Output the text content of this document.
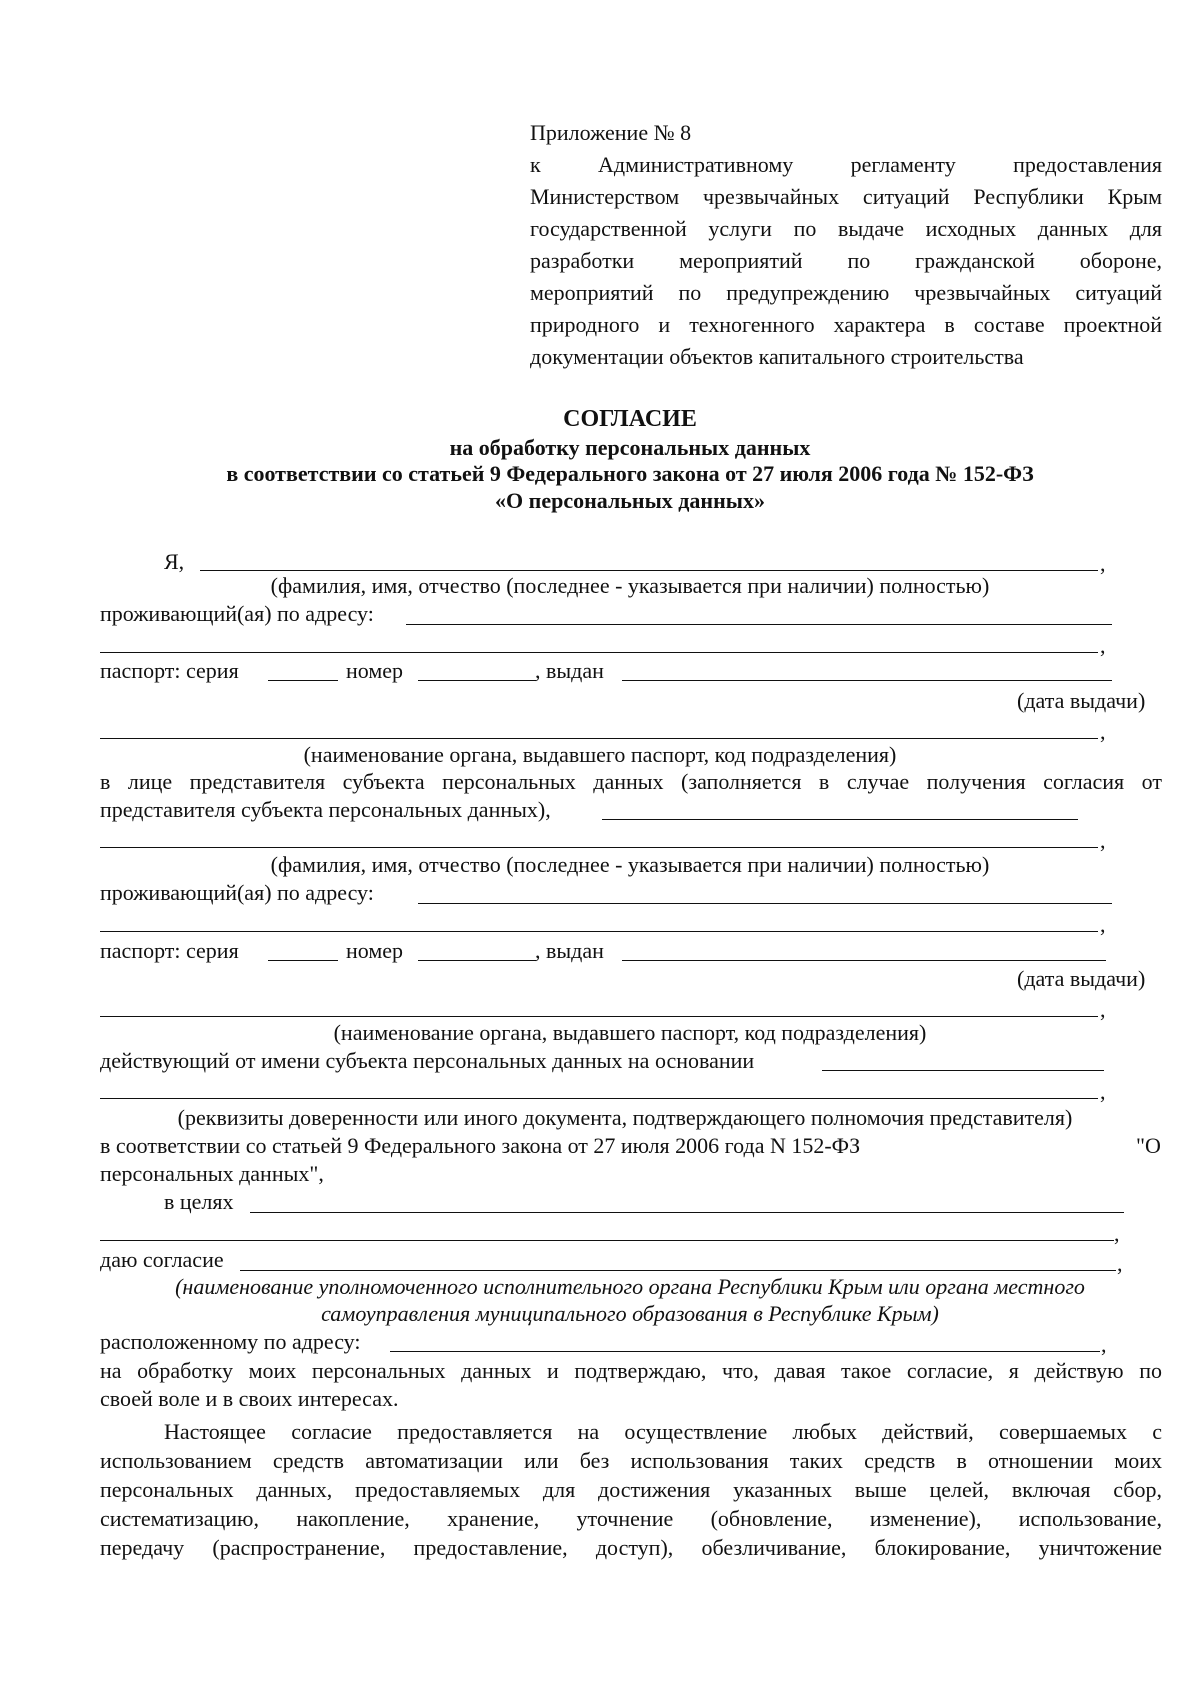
Приложение № 8
к Административному регламенту предоставления
Министерством чрезвычайных ситуаций Республики Крым
государственной услуги по выдаче исходных данных для
разработки мероприятий по гражданской обороне,
мероприятий по предупреждению чрезвычайных ситуаций
природного и техногенного характера в составе проектной
документации объектов капитального строительства
СОГЛАСИЕ
на обработку персональных данных
в соответствии со статьей 9 Федерального закона от 27 июля 2006 года № 152-ФЗ
«О персональных данных»
Я,	,
(фамилия, имя, отчество (последнее - указывается при наличии) полностью)
проживающий(ая) по адресу:
,
паспорт: серия	номер	, выдан
(дата выдачи)
,
(наименование органа, выдавшего паспорт, код подразделения)
в лице представителя субъекта персональных данных (заполняется в случае получения согласия от
представителя субъекта персональных данных),
,
(фамилия, имя, отчество (последнее - указывается при наличии) полностью)
проживающий(ая) по адресу:
,
паспорт: серия	номер	, выдан
(дата выдачи)
,
(наименование органа, выдавшего паспорт, код подразделения)
действующий от имени субъекта персональных данных на основании
,
(реквизиты доверенности или иного документа, подтверждающего полномочия представителя)
в соответствии со статьей 9 Федерального закона от 27 июля 2006 года N 152-ФЗ	"О
персональных данных",
в целях
,
даю согласие	,
(наименование уполномоченного исполнительного органа Республики Крым или органа местного
самоуправления муниципального образования в Республике Крым)
расположенному по адресу:	,
на обработку моих персональных данных и подтверждаю, что, давая такое согласие, я действую по
своей воле и в своих интересах.
Настоящее согласие предоставляется на осуществление любых действий, совершаемых с
использованием средств автоматизации или без использования таких средств в отношении моих
персональных данных, предоставляемых для достижения указанных выше целей, включая сбор,
систематизацию, накопление, хранение, уточнение (обновление, изменение), использование,
передачу (распространение, предоставление, доступ), обезличивание, блокирование, уничтожение
